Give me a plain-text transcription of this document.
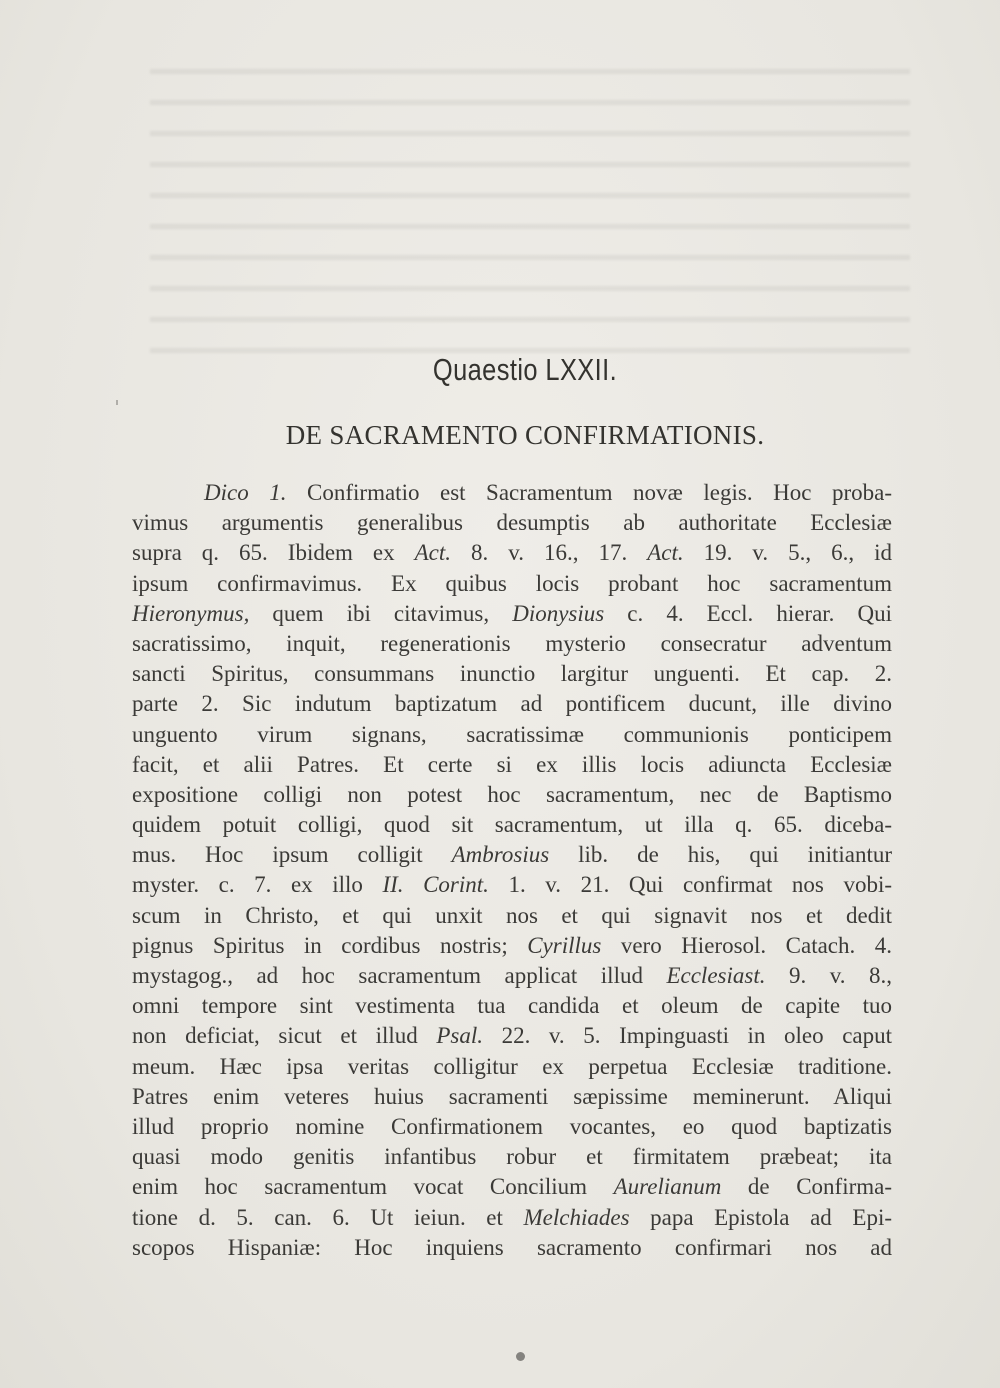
Quaestio LXXII.
DE SACRAMENTO CONFIRMATIONIS.
Dico 1. Confirmatio est Sacramentum novæ legis. Hoc proba-
vimus argumentis generalibus desumptis ab authoritate Ecclesiæ
supra q. 65. Ibidem ex Act. 8. v. 16., 17. Act. 19. v. 5., 6., id
ipsum confirmavimus. Ex quibus locis probant hoc sacramentum
Hieronymus, quem ibi citavimus, Dionysius c. 4. Eccl. hierar. Qui
sacratissimo, inquit, regenerationis mysterio consecratur adventum
sancti Spiritus, consummans inunctio largitur unguenti. Et cap. 2.
parte 2. Sic indutum baptizatum ad pontificem ducunt, ille divino
unguento virum signans, sacratissimæ communionis ponticipem
facit, et alii Patres. Et certe si ex illis locis adiuncta Ecclesiæ
expositione colligi non potest hoc sacramentum, nec de Baptismo
quidem potuit colligi, quod sit sacramentum, ut illa q. 65. diceba-
mus. Hoc ipsum colligit Ambrosius lib. de his, qui initiantur
myster. c. 7. ex illo II. Corint. 1. v. 21. Qui confirmat nos vobi-
scum in Christo, et qui unxit nos et qui signavit nos et dedit
pignus Spiritus in cordibus nostris; Cyrillus vero Hierosol. Catach. 4.
mystagog., ad hoc sacramentum applicat illud Ecclesiast. 9. v. 8.,
omni tempore sint vestimenta tua candida et oleum de capite tuo
non deficiat, sicut et illud Psal. 22. v. 5. Impinguasti in oleo caput
meum. Hæc ipsa veritas colligitur ex perpetua Ecclesiæ traditione.
Patres enim veteres huius sacramenti sæpissime meminerunt. Aliqui
illud proprio nomine Confirmationem vocantes, eo quod baptizatis
quasi modo genitis infantibus robur et firmitatem præbeat; ita
enim hoc sacramentum vocat Concilium Aurelianum de Confirma-
tione d. 5. can. 6. Ut ieiun. et Melchiades papa Epistola ad Epi-
scopos Hispaniæ: Hoc inquiens sacramento confirmari nos ad
